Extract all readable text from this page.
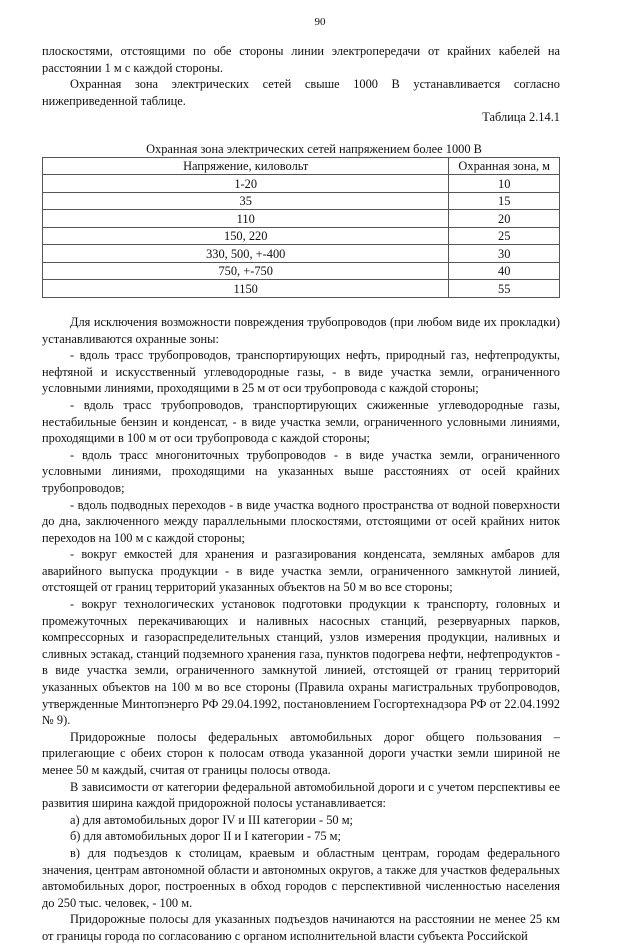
90

плоскостями, отстоящими по обе стороны линии электропередачи от крайних кабелей на расстоянии 1 м с каждой стороны.

Охранная зона электрических сетей свыше 1000 В устанавливается согласно нижеприведенной таблице.

Таблица 2.14.1

Охранная зона электрических сетей напряжением более 1000 В
Напряжение, киловольт	Охранная зона, м
1-20	10
35	15
110	20
150, 220	25
330, 500, +-400	30
750, +-750	40
1150	55

Для исключения возможности повреждения трубопроводов (при любом виде их прокладки) устанавливаются охранные зоны:

- вдоль трасс трубопроводов, транспортирующих нефть, природный газ, нефтепродукты, нефтяной и искусственный углеводородные газы, - в виде участка земли, ограниченного условными линиями, проходящими в 25 м от оси трубопровода с каждой стороны;

- вдоль трасс трубопроводов, транспортирующих сжиженные углеводородные газы, нестабильные бензин и конденсат, - в виде участка земли, ограниченного условными линиями, проходящими в 100 м от оси трубопровода с каждой стороны;

- вдоль трасс многониточных трубопроводов - в виде участка земли, ограниченного условными линиями, проходящими на указанных выше расстояниях от осей крайних трубопроводов;

- вдоль подводных переходов - в виде участка водного пространства от водной поверхности до дна, заключенного между параллельными плоскостями, отстоящими от осей крайних ниток переходов на 100 м с каждой стороны;

- вокруг емкостей для хранения и разгазирования конденсата, земляных амбаров для аварийного выпуска продукции - в виде участка земли, ограниченного замкнутой линией, отстоящей от границ территорий указанных объектов на 50 м во все стороны;

- вокруг технологических установок подготовки продукции к транспорту, головных и промежуточных перекачивающих и наливных насосных станций, резервуарных парков, компрессорных и газораспределительных станций, узлов измерения продукции, наливных и сливных эстакад, станций подземного хранения газа, пунктов подогрева нефти, нефтепродуктов - в виде участка земли, ограниченного замкнутой линией, отстоящей от границ территорий указанных объектов на 100 м во все стороны (Правила охраны магистральных трубопроводов, утвержденные Минтопэнерго РФ 29.04.1992, постановлением Госгортехнадзора РФ от 22.04.1992 № 9).

Придорожные полосы федеральных автомобильных дорог общего пользования – прилегающие с обеих сторон к полосам отвода указанной дороги участки земли шириной не менее 50 м каждый, считая от границы полосы отвода.

В зависимости от категории федеральной автомобильной дороги и с учетом перспективы ее развития ширина каждой придорожной полосы устанавливается:

а) для автомобильных дорог IV и III категории - 50 м;

б) для автомобильных дорог II и I категории - 75 м;

в) для подъездов к столицам, краевым и областным центрам, городам федерального значения, центрам автономной области и автономных округов, а также для участков федеральных автомобильных дорог, построенных в обход городов с перспективной численностью населения до 250 тыс. человек, - 100 м.

Придорожные полосы для указанных подъездов начинаются на расстоянии не менее 25 км от границы города по согласованию с органом исполнительной власти субъекта Российской
